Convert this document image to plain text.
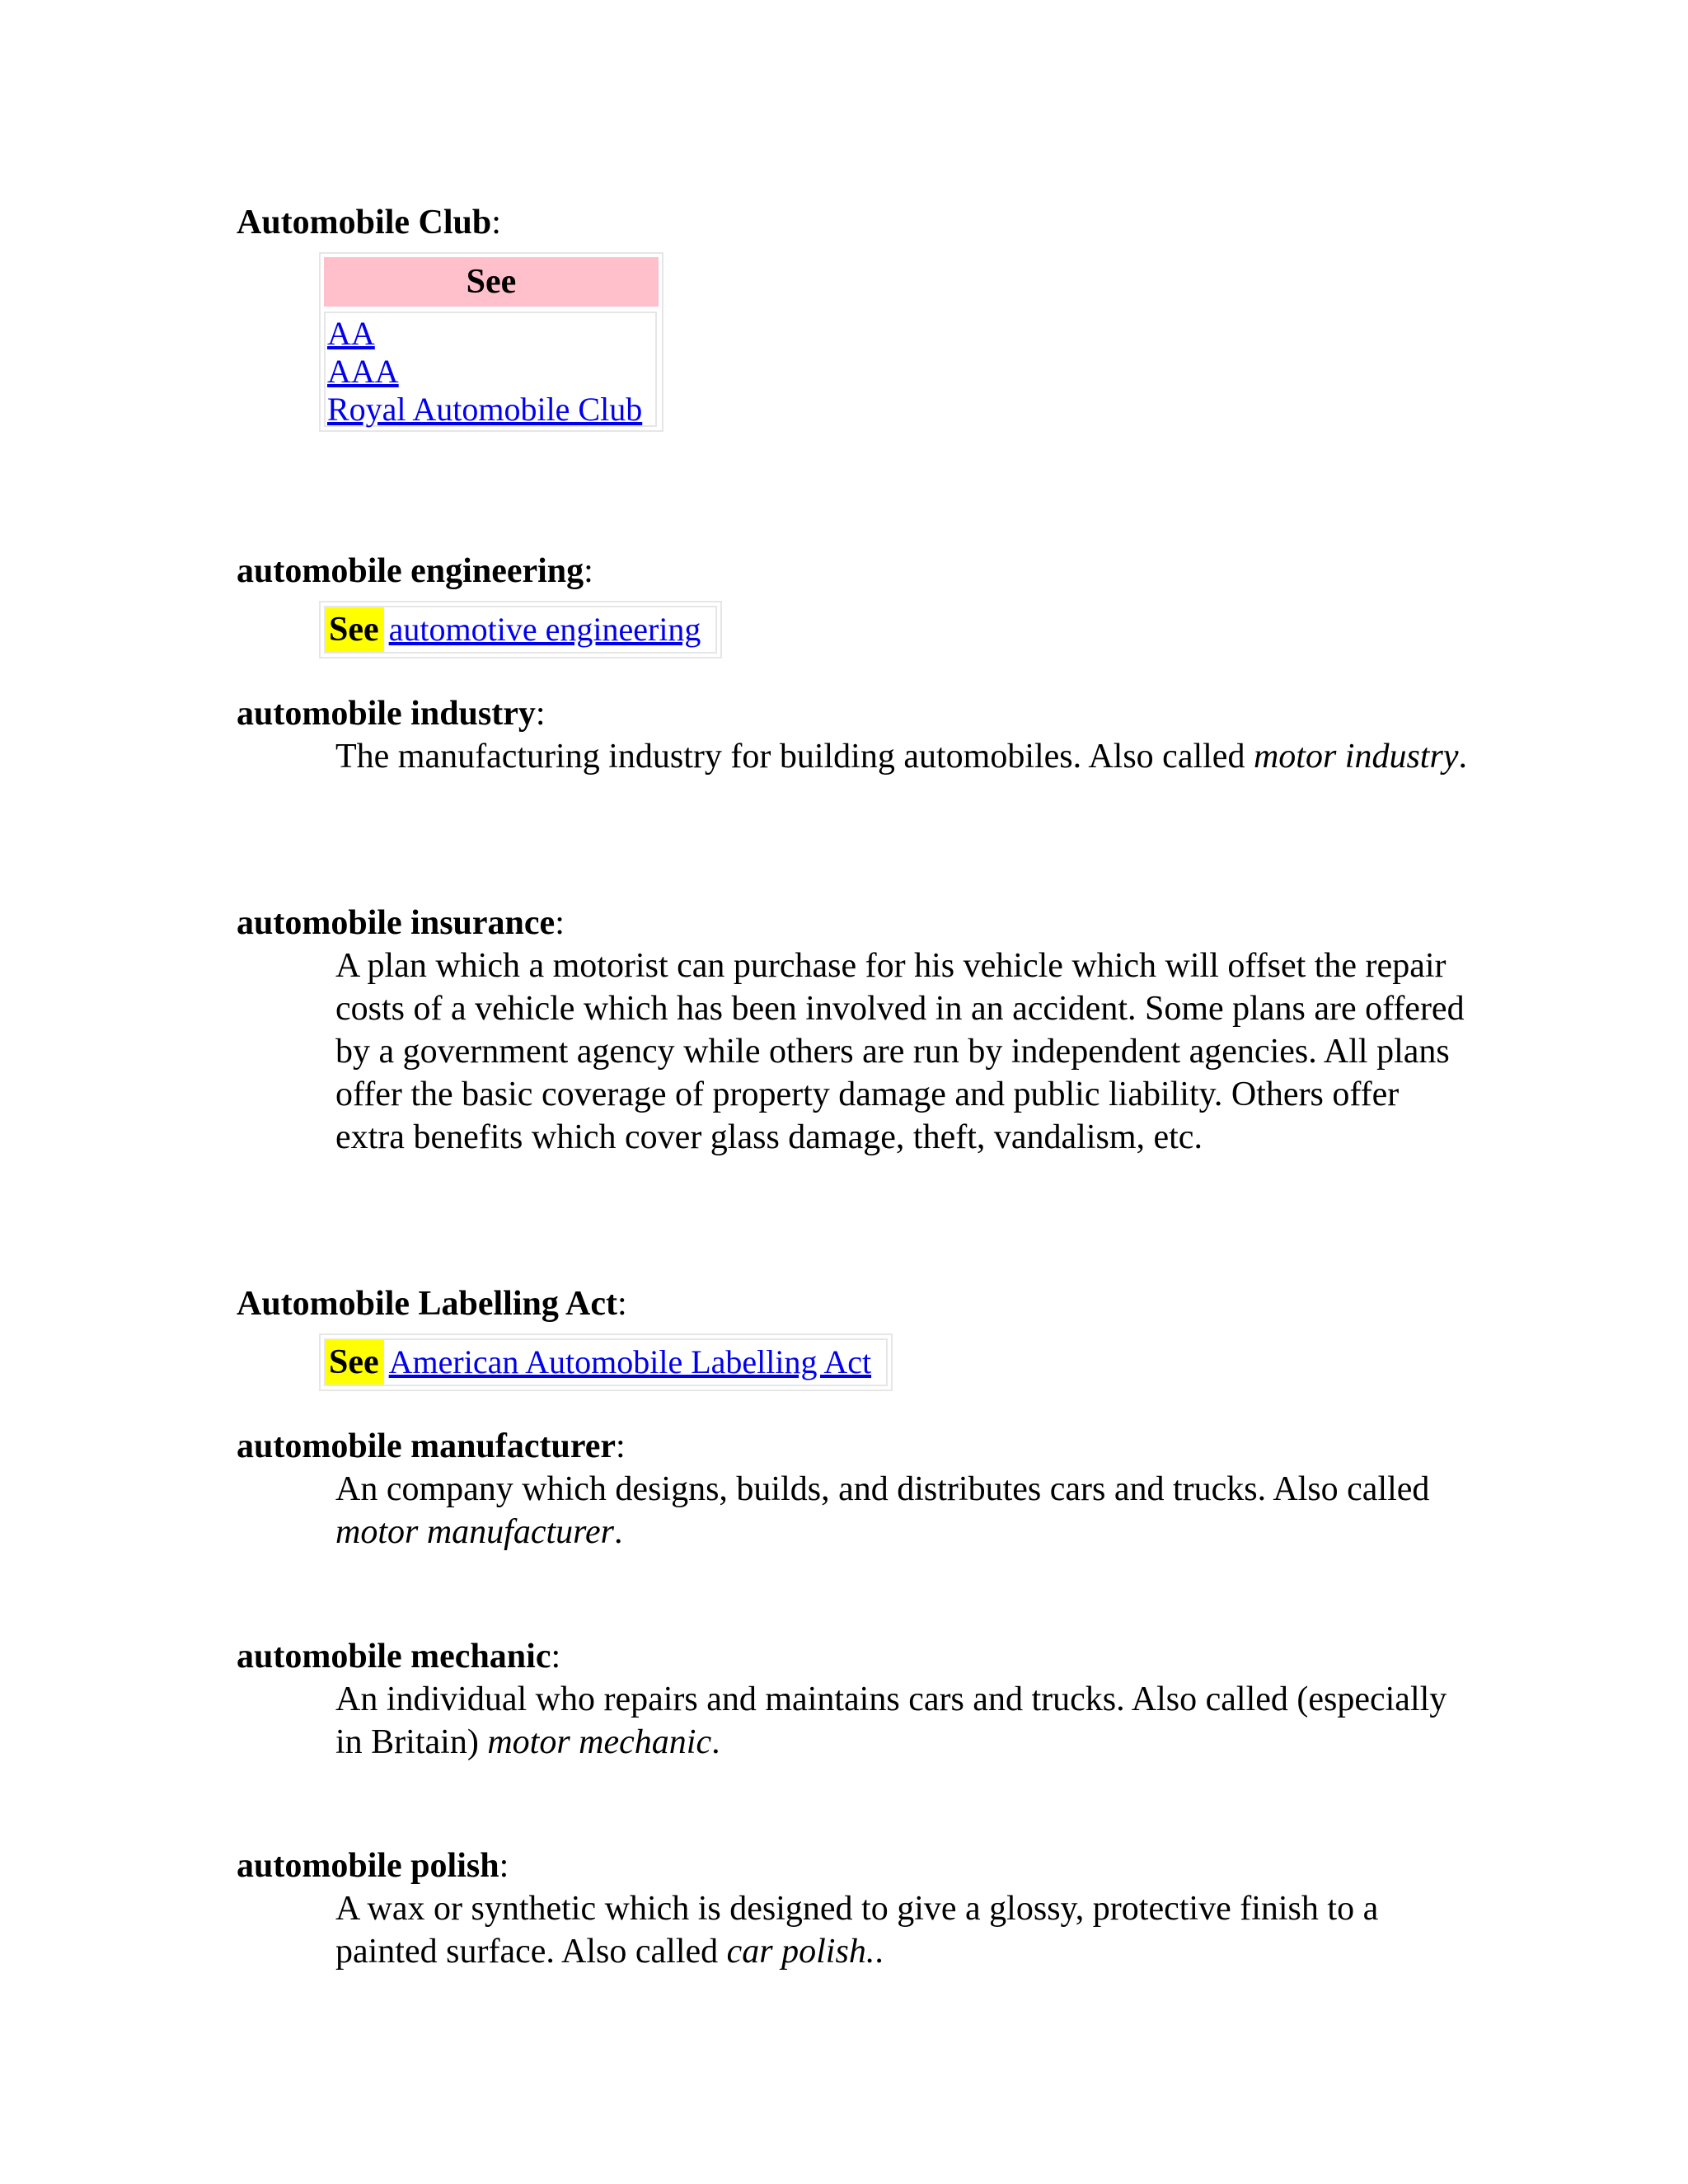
Automobile Club:
See
AA
AAA
Royal Automobile Club
automobile engineering:
See automotive engineering
automobile industry:
The manufacturing industry for building automobiles. Also called motor industry.
automobile insurance:
A plan which a motorist can purchase for his vehicle which will offset the repair costs of a vehicle which has been involved in an accident. Some plans are offered by a government agency while others are run by independent agencies. All plans offer the basic coverage of property damage and public liability. Others offer extra benefits which cover glass damage, theft, vandalism, etc.
Automobile Labelling Act:
See American Automobile Labelling Act
automobile manufacturer:
An company which designs, builds, and distributes cars and trucks. Also called motor manufacturer.
automobile mechanic:
An individual who repairs and maintains cars and trucks. Also called (especially in Britain) motor mechanic.
automobile polish:
A wax or synthetic which is designed to give a glossy, protective finish to a painted surface. Also called car polish..
